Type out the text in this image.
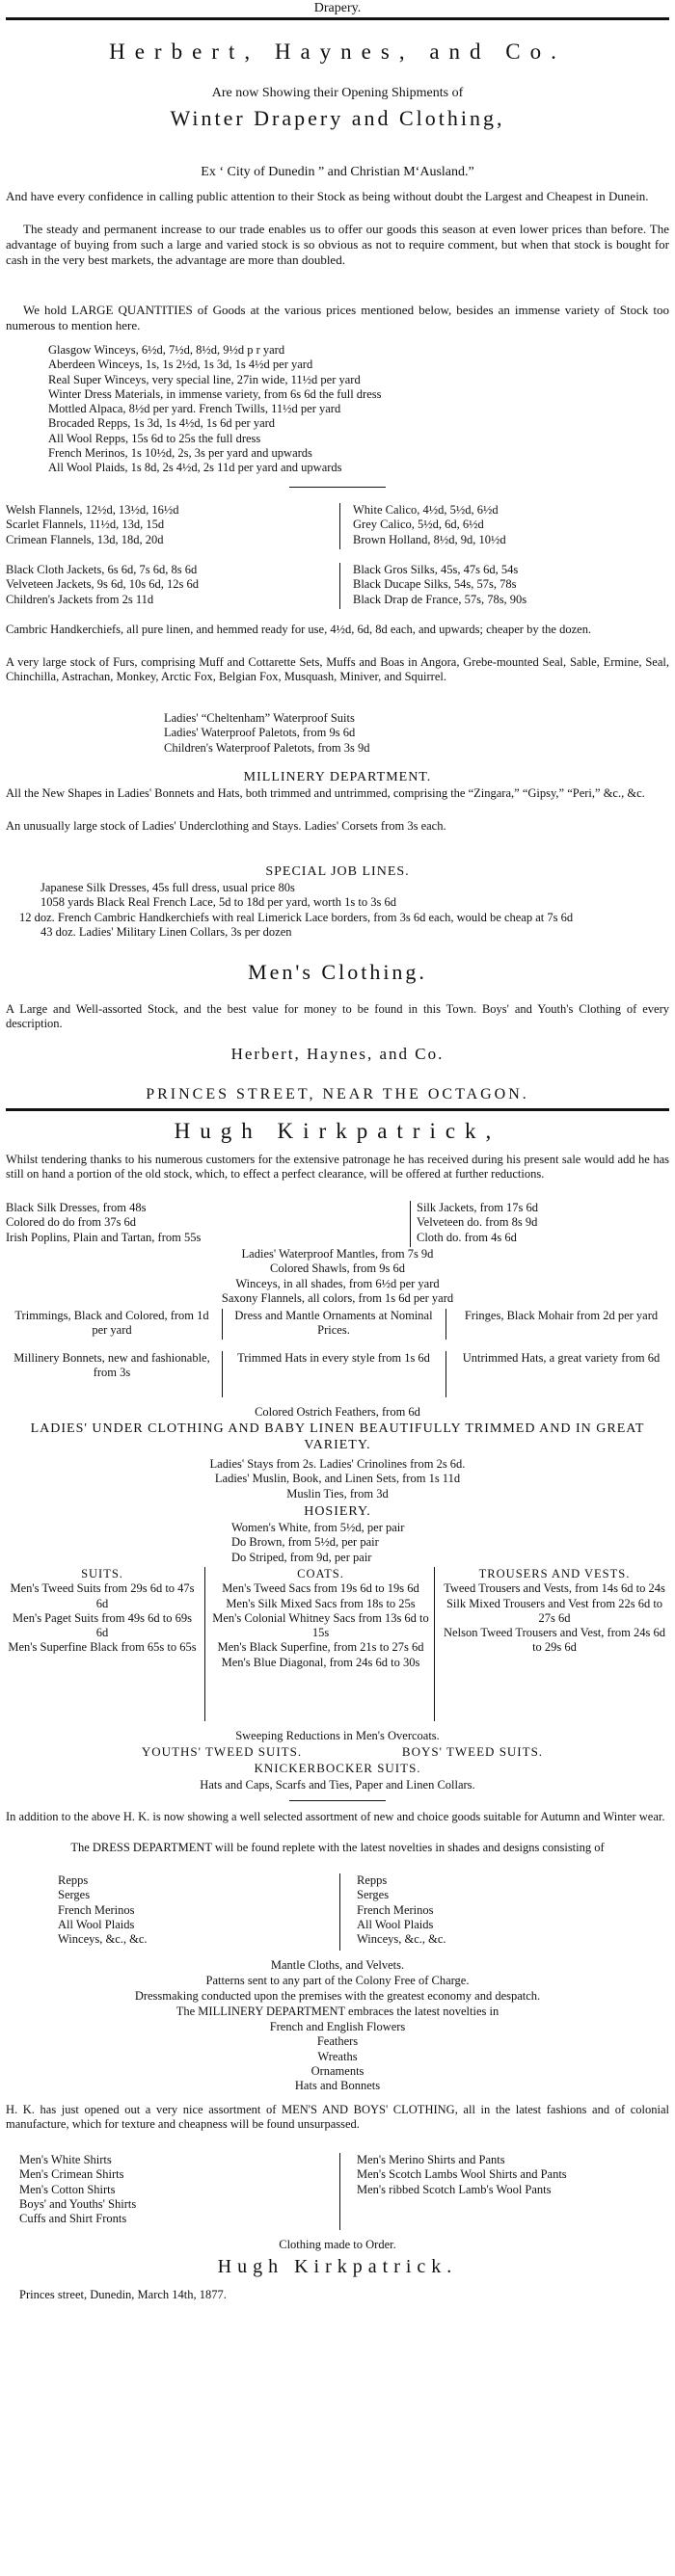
Drapery.
Herbert, Haynes, and Co.
Are now Showing their Opening Shipments of
Winter Drapery and Clothing,
Ex ‘ City of Dunedin ” and Christian M‘Ausland.”
And have every confidence in calling public attention to their Stock as being without doubt the Largest and Cheapest in Dunein.
The steady and permanent increase to our trade enables us to offer our goods this season at even lower prices than before. The advantage of buying from such a large and varied stock is so obvious as not to require comment, but when that stock is bought for cash in the very best markets, the advantage are more than doubled.
We hold LARGE QUANTITIES of Goods at the various prices mentioned below, besides an immense variety of Stock too numerous to mention here.
Glasgow Winceys, 6½d, 7½d, 8½d, 9½d p r yard
Aberdeen Winceys, 1s, 1s 2½d, 1s 3d, 1s 4½d per yard
Real Super Winceys, very special line, 27in wide, 11½d per yard
Winter Dress Materials, in immense variety, from 6s 6d the full dress
Mottled Alpaca, 8½d per yard. French Twills, 11½d per yard
Brocaded Repps, 1s 3d, 1s 4½d, 1s 6d per yard
All Wool Repps, 15s 6d to 25s the full dress
French Merinos, 1s 10½d, 2s, 3s per yard and upwards
All Wool Plaids, 1s 8d, 2s 4½d, 2s 11d per yard and upwards
Welsh Flannels, 12½d, 13½d, 16½d
Scarlet Flannels, 11½d, 13d, 15d
Crimean Flannels, 13d, 18d, 20d
White Calico, 4½d, 5½d, 6½d
Grey Calico, 5½d, 6d, 6½d
Brown Holland, 8½d, 9d, 10½d
Black Cloth Jackets, 6s 6d, 7s 6d, 8s 6d
Velveteen Jackets, 9s 6d, 10s 6d, 12s 6d
Children's Jackets from 2s 11d
Black Gros Silks, 45s, 47s 6d, 54s
Black Ducape Silks, 54s, 57s, 78s
Black Drap de France, 57s, 78s, 90s
Cambric Handkerchiefs, all pure linen, and hemmed ready for use, 4½d, 6d, 8d each, and upwards; cheaper by the dozen.
A very large stock of Furs, comprising Muff and Cottarette Sets, Muffs and Boas in Angora, Grebe-mounted Seal, Sable, Ermine, Seal, Chinchilla, Astrachan, Monkey, Arctic Fox, Belgian Fox, Musquash, Miniver, and Squirrel.
Ladies' “Cheltenham” Waterproof Suits
Ladies' Waterproof Paletots, from 9s 6d
Children's Waterproof Paletots, from 3s 9d
MILLINERY DEPARTMENT.
All the New Shapes in Ladies' Bonnets and Hats, both trimmed and untrimmed, comprising the “Zingara,” “Gipsy,” “Peri,” &c., &c.
An unusually large stock of Ladies' Underclothing and Stays. Ladies' Corsets from 3s each.
SPECIAL JOB LINES.
Japanese Silk Dresses, 45s full dress, usual price 80s
1058 yards Black Real French Lace, 5d to 18d per yard, worth 1s to 3s 6d
12 doz. French Cambric Handkerchiefs with real Limerick Lace borders, from 3s 6d each, would be cheap at 7s 6d
43 doz. Ladies' Military Linen Collars, 3s per dozen
Men's Clothing.
A Large and Well-assorted Stock, and the best value for money to be found in this Town. Boys' and Youth's Clothing of every description.
Herbert, Haynes, and Co.
PRINCES STREET, NEAR THE OCTAGON.
Hugh Kirkpatrick,
Whilst tendering thanks to his numerous customers for the extensive patronage he has received during his present sale would add he has still on hand a portion of the old stock, which, to effect a perfect clearance, will be offered at further reductions.
Black Silk Dresses, from 48s
Colored do do from 37s 6d
Irish Poplins, Plain and Tartan, from 55s
Silk Jackets, from 17s 6d
Velveteen do. from 8s 9d
Cloth do. from 4s 6d
Ladies' Waterproof Mantles, from 7s 9d
Colored Shawls, from 9s 6d
Winceys, in all shades, from 6½d per yard
Saxony Flannels, all colors, from 1s 6d per yard
Trimmings, Black and Colored, from 1d per yard
Dress and Mantle Ornaments at Nominal Prices.
Fringes, Black Mohair from 2d per yard
Millinery Bonnets, new and fashionable, from 3s
Trimmed Hats in every style from 1s 6d	Untrimmed Hats, a great variety from 6d
Colored Ostrich Feathers, from 6d
LADIES' UNDER CLOTHING AND BABY LINEN BEAUTIFULLY TRIMMED AND IN GREAT VARIETY.
Ladies' Stays from 2s. Ladies' Crinolines from 2s 6d.
Ladies' Muslin, Book, and Linen Sets, from 1s 11d
Muslin Ties, from 3d
HOSIERY.
Women's White, from 5½d, per pair
Do Brown, from 5½d, per pair
Do Striped, from 9d, per pair
SUITS.
Men's Tweed Suits from 29s 6d to 47s 6d
Men's Paget Suits from 49s 6d to 69s 6d
Men's Superfine Black from 65s to 65s
COATS.
Men's Tweed Sacs from 19s 6d to 19s 6d
Men's Silk Mixed Sacs from 18s to 25s
Men's Colonial Whitney Sacs from 13s 6d to 15s
Men's Black Superfine, from 21s to 27s 6d
Men's Blue Diagonal, from 24s 6d to 30s
TROUSERS AND VESTS.
Tweed Trousers and Vests, from 14s 6d to 24s
Silk Mixed Trousers and Vest from 22s 6d to 27s 6d
Nelson Tweed Trousers and Vest, from 24s 6d to 29s 6d
Sweeping Reductions in Men's Overcoats.
YOUTHS' TWEED SUITS.	BOYS' TWEED SUITS.
KNICKERBOCKER SUITS.
Hats and Caps, Scarfs and Ties, Paper and Linen Collars.
In addition to the above H. K. is now showing a well selected assortment of new and choice goods suitable for Autumn and Winter wear.
The DRESS DEPARTMENT will be found replete with the latest novelties in shades and designs consisting of
Repps
Serges
French Merinos
All Wool Plaids
Winceys, &c., &c.
Repps
Serges
French Merinos
All Wool Plaids
Winceys, &c., &c.
Mantle Cloths, and Velvets.
Patterns sent to any part of the Colony Free of Charge.
Dressmaking conducted upon the premises with the greatest economy and despatch.
The MILLINERY DEPARTMENT embraces the latest novelties in
French and English Flowers
Feathers
Wreaths
Ornaments
Hats and Bonnets
H. K. has just opened out a very nice assortment of MEN'S AND BOYS' CLOTHING, all in the latest fashions and of colonial manufacture, which for texture and cheapness will be found unsurpassed.
Men's White Shirts
Men's Crimean Shirts
Men's Cotton Shirts
Boys' and Youths' Shirts
Cuffs and Shirt Fronts
Men's Merino Shirts and Pants
Men's Scotch Lambs Wool Shirts and Pants
Men's ribbed Scotch Lamb's Wool Pants
Clothing made to Order.
Hugh Kirkpatrick.
Princes street, Dunedin, March 14th, 1877.
